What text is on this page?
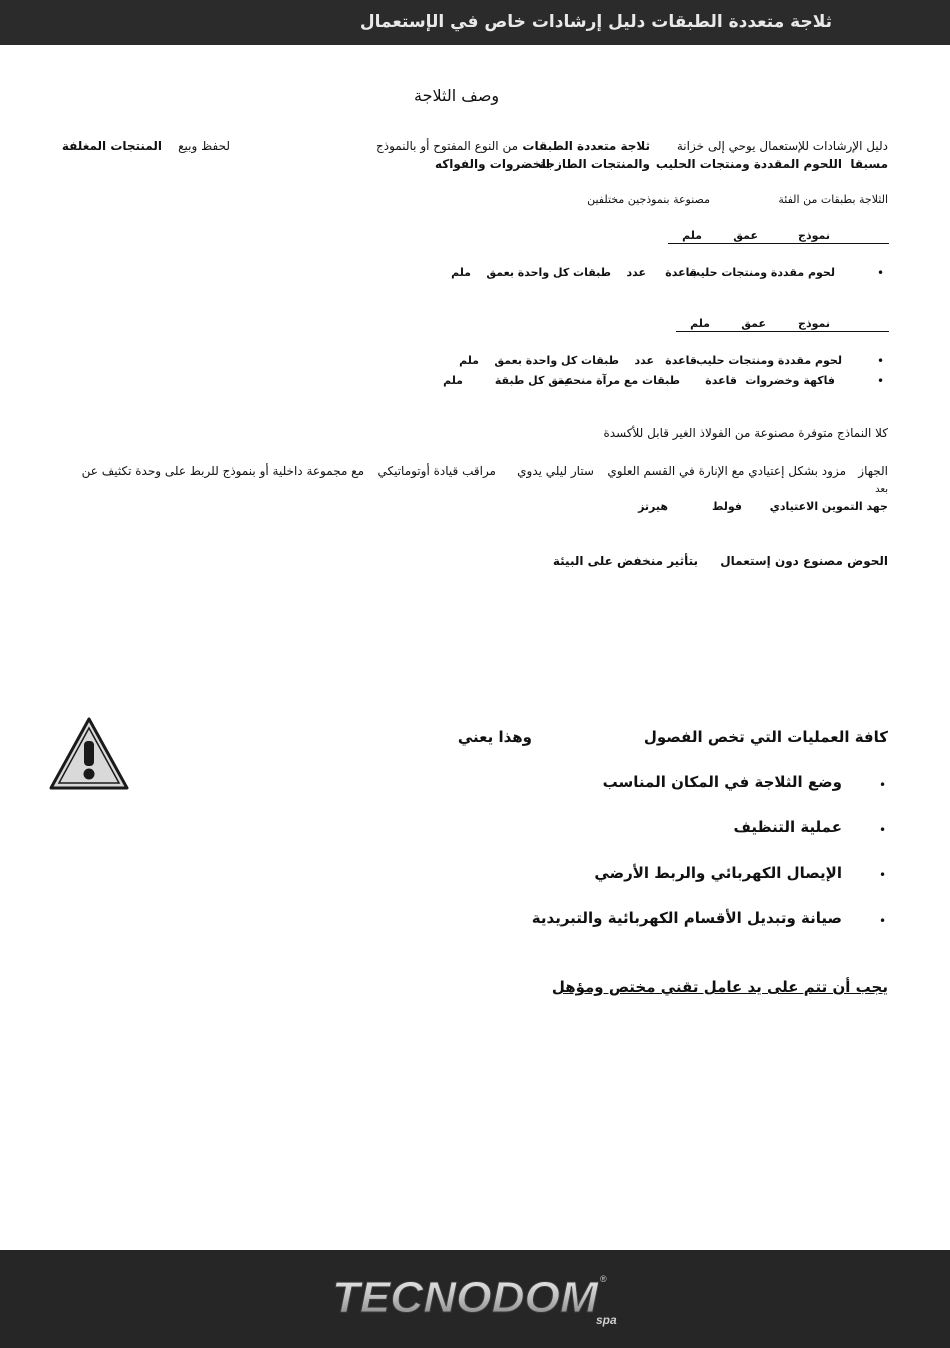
ثلاجة متعددة الطبقات دليل إرشادات خاص في الإستعمال
وصف الثلاجة
دليل الإرشادات للإستعمال يوحي إلى خزانة
ثلاجة متعددة الطبقات
من النوع المفتوح أو بالنموذج
لحفظ وبيع
المنتجات المغلفة
مسبقا
اللحوم المقددة ومنتجات الحليب
والمنتجات الطازجة
الخضروات والفواكه
الثلاجة بطبقات من الفئة
مصنوعة بنموذجين مختلفين
نموذج
عمق
ملم
•
لحوم مقددة ومنتجات حليب
قاعدة
عدد
طبقات كل واحدة بعمق
ملم
نموذج
عمق
ملم
•
لحوم مقددة ومنتجات حليب
قاعدة
عدد
طبقات كل واحدة بعمق
ملم
•
فاكهة وخضروات
قاعدة
طبقات مع مرآة منحنية
عمق كل طبقة
ملم
كلا النماذج متوفرة مصنوعة من الفولاذ الغير قابل للأكسدة
الجهاز
مزود بشكل إعتيادي مع الإنارة في القسم العلوي
ستار ليلي يدوي
مراقب قيادة أوتوماتيكي
مع مجموعة داخلية أو بنموذج للربط على وحدة تكثيف عن
بعد
جهد التموين الاعتيادي
فولط
هيرتز
الحوض مصنوع دون إستعمال
بتأثير منخفض على البيئة
كافة العمليات التي تخص الفصول
وهذا يعني
•
وضع الثلاجة في المكان المناسب
•
عملية التنظيف
•
الإيصال الكهربائي والربط الأرضي
•
صيانة وتبديل الأقسام الكهربائية والتبريدية
يجب أن تتم على يد عامل تقني مختص ومؤهل
TECNODOM ®
spa
